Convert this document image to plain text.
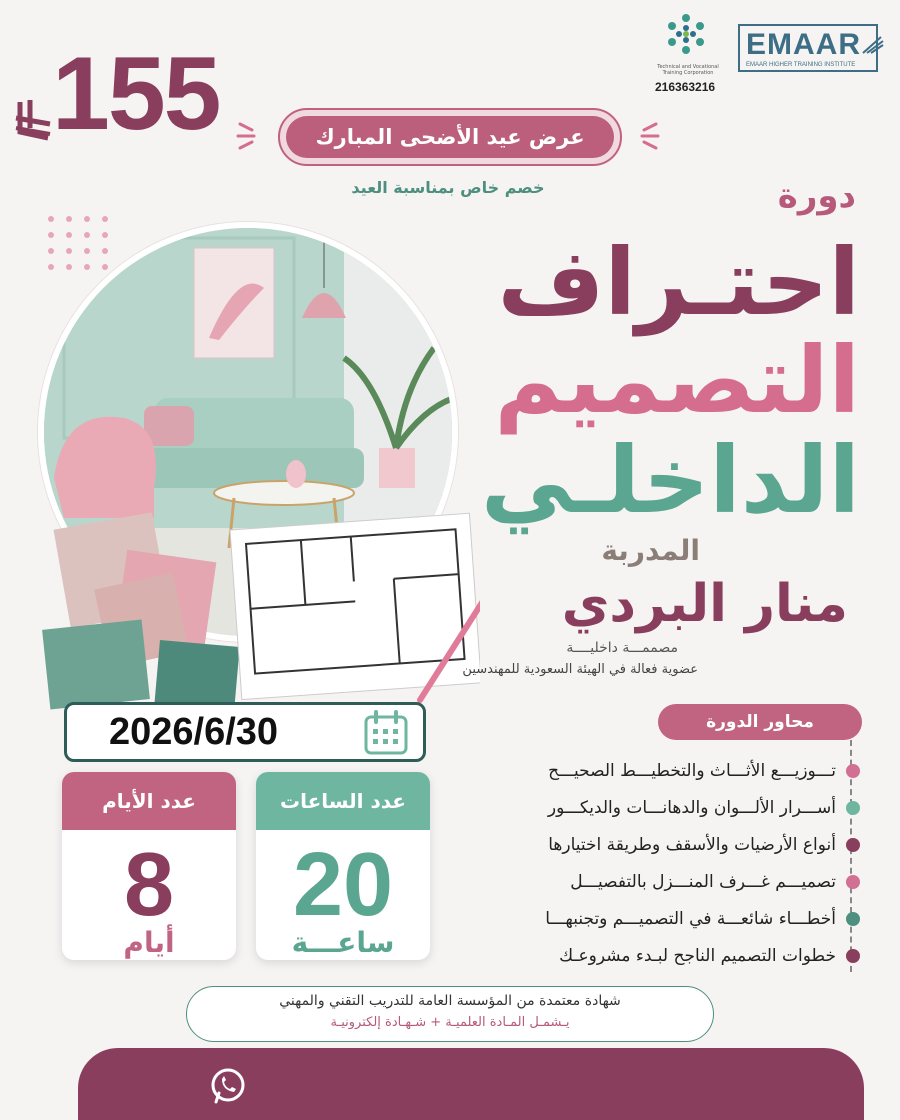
155	EMAAR
EMAAR HIGHER TRAINING INSTITUTE
Technical and Vocational Training Corporation
216363216
عرض عيد الأضحى المبارك
خصم خاص بمناسبة العيد	دورة
احتـراف
التصميم
الداخلـي
المدربة
منار البردي
مصممـــة داخليــــة
عضوية فعالة في الهيئة السعودية للمهندسين
2026/6/30
عدد الأيام
8
أيام
عدد الساعات
20
ساعـــة
محاور الدورة
تـــوزيـــع الأثـــاث والتخطيـــط الصحيـــح
أســـرار الألـــوان والدهانـــات والديكـــور
أنواع الأرضيات والأسقف وطريقة اختيارها
تصميـــم غـــرف المنـــزل بالتفصيـــل
أخطـــاء شائعـــة في التصميـــم وتجنبهـــا
خطوات التصميم الناجح لبـدء مشروعـك
شهادة معتمدة من المؤسسة العامة للتدريب التقني والمهني
يـشمـل المـادة العلميـة + شـهـادة إلكترونيـة
